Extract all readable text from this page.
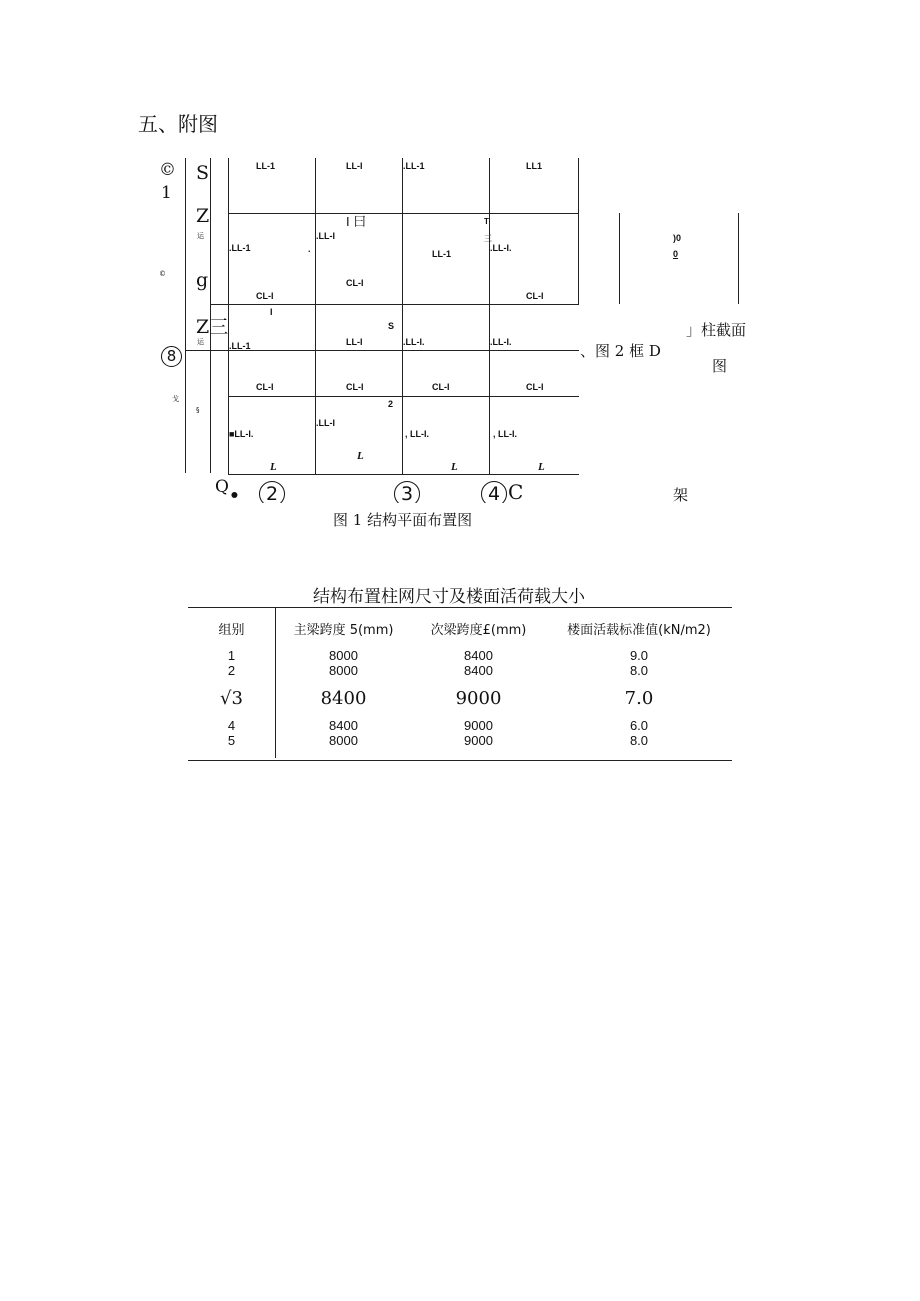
五、附图
LL-1	LL-I	.LL-1	LL1
.LL-1
.LL-I
LL-1
.LL-I.
CL-I
CL-I
CL-I
.LL-1	LL-I	.LL-I.	.LL-I.
CL-I	CL-I	CL-I	CL-I
■LL-I.
.LL-I
, LL-I.	, LL-I.
L
L
L	L
I 曰
.
T
三
I
S
2
©
1
©
戈
S
Z
运
g
Z三
运
§
8
Q •	2	3	4 C
图 1 结构平面布置图
)0
0
」柱截面
、图 2 框 D
图
架
结构布置柱网尺寸及楼面活荷载大小
组别	主梁跨度 5(mm)	次梁跨度£(mm)	楼面活载标准值(kN∕m2)
1	8000	8400	9.0
2	8000	8400	8.0
√3	8400	9000	7.0
4	8400	9000	6.0
5	8000	9000	8.0
